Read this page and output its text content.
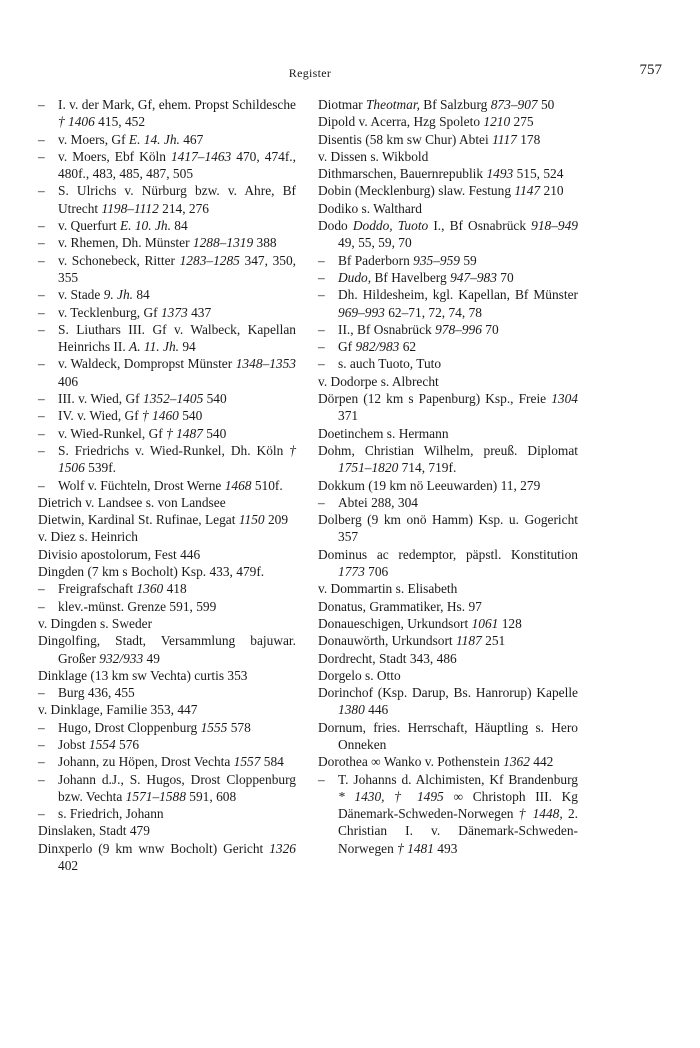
Register	757
– I. v. der Mark, Gf, ehem. Propst Schildesche † 1406 415, 452
– v. Moers, Gf E. 14. Jh. 467
– v. Moers, Ebf Köln 1417–1463 470, 474f., 480f., 483, 485, 487, 505
– S. Ulrichs v. Nürburg bzw. v. Ahre, Bf Utrecht 1198–1112 214, 276
– v. Querfurt E. 10. Jh. 84
– v. Rhemen, Dh. Münster 1288–1319 388
– v. Schonebeck, Ritter 1283–1285 347, 350, 355
– v. Stade 9. Jh. 84
– v. Tecklenburg, Gf 1373 437
– S. Liuthars III. Gf v. Walbeck, Kapellan Heinrichs II. A. 11. Jh. 94
– v. Waldeck, Dompropst Münster 1348–1353 406
– III. v. Wied, Gf 1352–1405 540
– IV. v. Wied, Gf † 1460 540
– v. Wied-Runkel, Gf † 1487 540
– S. Friedrichs v. Wied-Runkel, Dh. Köln † 1506 539f.
– Wolf v. Füchteln, Drost Werne 1468 510f.
Dietrich v. Landsee s. von Landsee
Dietwin, Kardinal St. Rufinae, Legat 1150 209
v. Diez s. Heinrich
Divisio apostolorum, Fest 446
Dingden (7 km s Bocholt) Ksp. 433, 479f.
– Freigrafschaft 1360 418
– klev.-münst. Grenze 591, 599
v. Dingden s. Sweder
Dingolfing, Stadt, Versammlung bajuwar. Großer 932/933 49
Dinklage (13 km sw Vechta) curtis 353
– Burg 436, 455
v. Dinklage, Familie 353, 447
– Hugo, Drost Cloppenburg 1555 578
– Jobst 1554 576
– Johann, zu Höpen, Drost Vechta 1557 584
– Johann d.J., S. Hugos, Drost Cloppenburg bzw. Vechta 1571–1588 591, 608
– s. Friedrich, Johann
Dinslaken, Stadt 479
Dinxperlo (9 km wnw Bocholt) Gericht 1326 402
Diotmar Theotmar, Bf Salzburg 873–907 50
Dipold v. Acerra, Hzg Spoleto 1210 275
Disentis (58 km sw Chur) Abtei 1117 178
v. Dissen s. Wikbold
Dithmarschen, Bauernrepublik 1493 515, 524
Dobin (Mecklenburg) slaw. Festung 1147 210
Dodiko s. Walthard
Dodo Doddo, Tuoto I., Bf Osnabrück 918–949 49, 55, 59, 70
– Bf Paderborn 935–959 59
– Dudo, Bf Havelberg 947–983 70
– Dh. Hildesheim, kgl. Kapellan, Bf Münster 969–993 62–71, 72, 74, 78
– II., Bf Osnabrück 978–996 70
– Gf 982/983 62
– s. auch Tuoto, Tuto
v. Dodorpe s. Albrecht
Dörpen (12 km s Papenburg) Ksp., Freie 1304 371
Doetinchem s. Hermann
Dohm, Christian Wilhelm, preuß. Diplomat 1751–1820 714, 719f.
Dokkum (19 km nö Leeuwarden) 11, 279
– Abtei 288, 304
Dolberg (9 km onö Hamm) Ksp. u. Gogericht 357
Dominus ac redemptor, päpstl. Konstitution 1773 706
v. Dommartin s. Elisabeth
Donatus, Grammatiker, Hs. 97
Donaueschigen, Urkundsort 1061 128
Donauwörth, Urkundsort 1187 251
Dordrecht, Stadt 343, 486
Dorgelo s. Otto
Dorinchof (Ksp. Darup, Bs. Hanrorup) Kapelle 1380 446
Dornum, fries. Herrschaft, Häuptling s. Hero Onneken
Dorothea ∞ Wanko v. Pothenstein 1362 442
– T. Johanns d. Alchimisten, Kf Brandenburg * 1430, † 1495 ∞ Christoph III. Kg Dänemark-Schweden-Norwegen † 1448, 2. Christian I. v. Dänemark-Schweden-Norwegen † 1481 493
